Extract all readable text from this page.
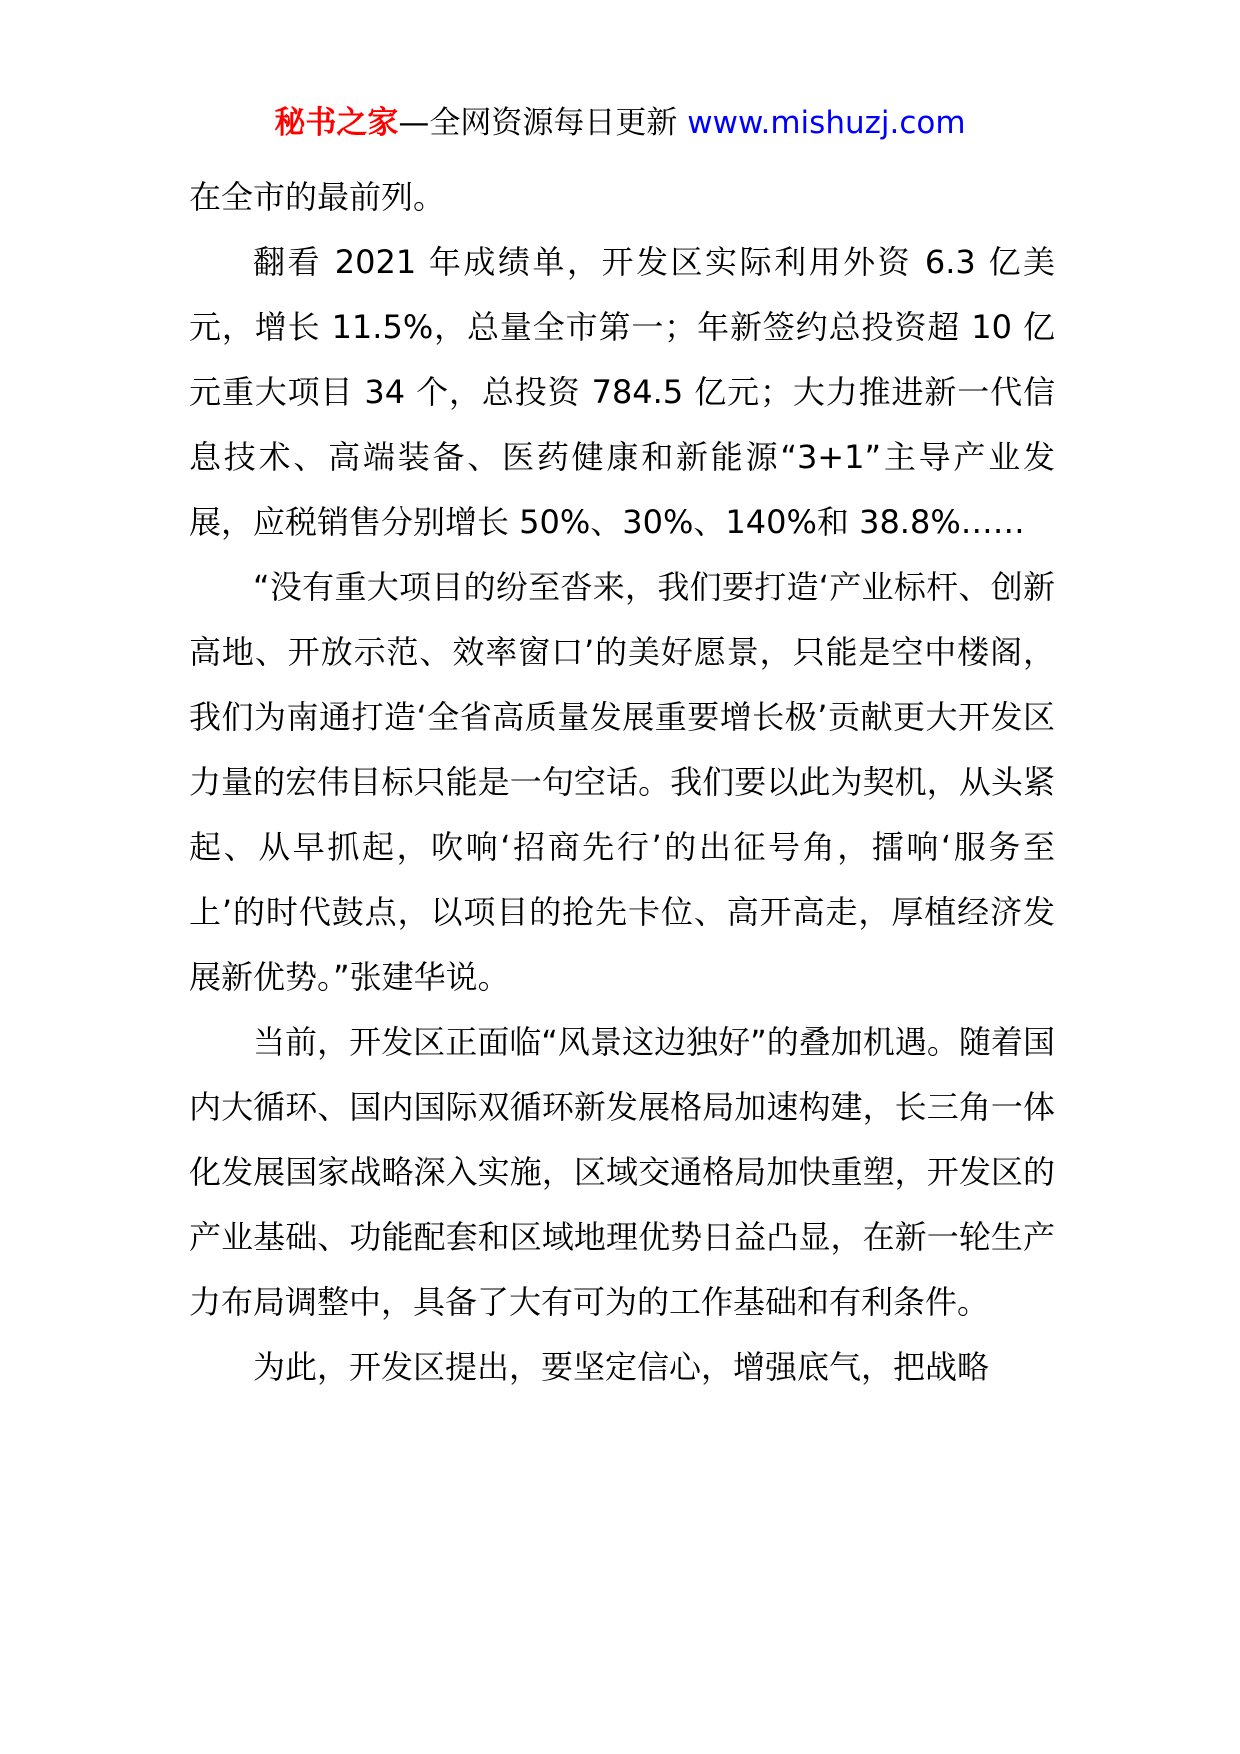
秘书之家—全网资源每日更新 www.mishuzj.com

在全市的最前列。

翻看 2021 年成绩单，开发区实际利用外资 6.3 亿美元，增长 11.5%，总量全市第一；年新签约总投资超 10 亿元重大项目 34 个，总投资 784.5 亿元；大力推进新一代信息技术、高端装备、医药健康和新能源“3+1”主导产业发展，应税销售分别增长 50%、30%、140%和 38.8%……

“没有重大项目的纷至沓来，我们要打造‘产业标杆、创新高地、开放示范、效率窗口’的美好愿景，只能是空中楼阁，我们为南通打造‘全省高质量发展重要增长极’贡献更大开发区力量的宏伟目标只能是一句空话。我们要以此为契机，从头紧起、从早抓起，吹响‘招商先行’的出征号角，擂响‘服务至上’的时代鼓点，以项目的抢先卡位、高开高走，厚植经济发展新优势。”张建华说。

当前，开发区正面临“风景这边独好”的叠加机遇。随着国内大循环、国内国际双循环新发展格局加速构建，长三角一体化发展国家战略深入实施，区域交通格局加快重塑，开发区的产业基础、功能配套和区域地理优势日益凸显，在新一轮生产力布局调整中，具备了大有可为的工作基础和有利条件。

为此，开发区提出，要坚定信心，增强底气，把战略
